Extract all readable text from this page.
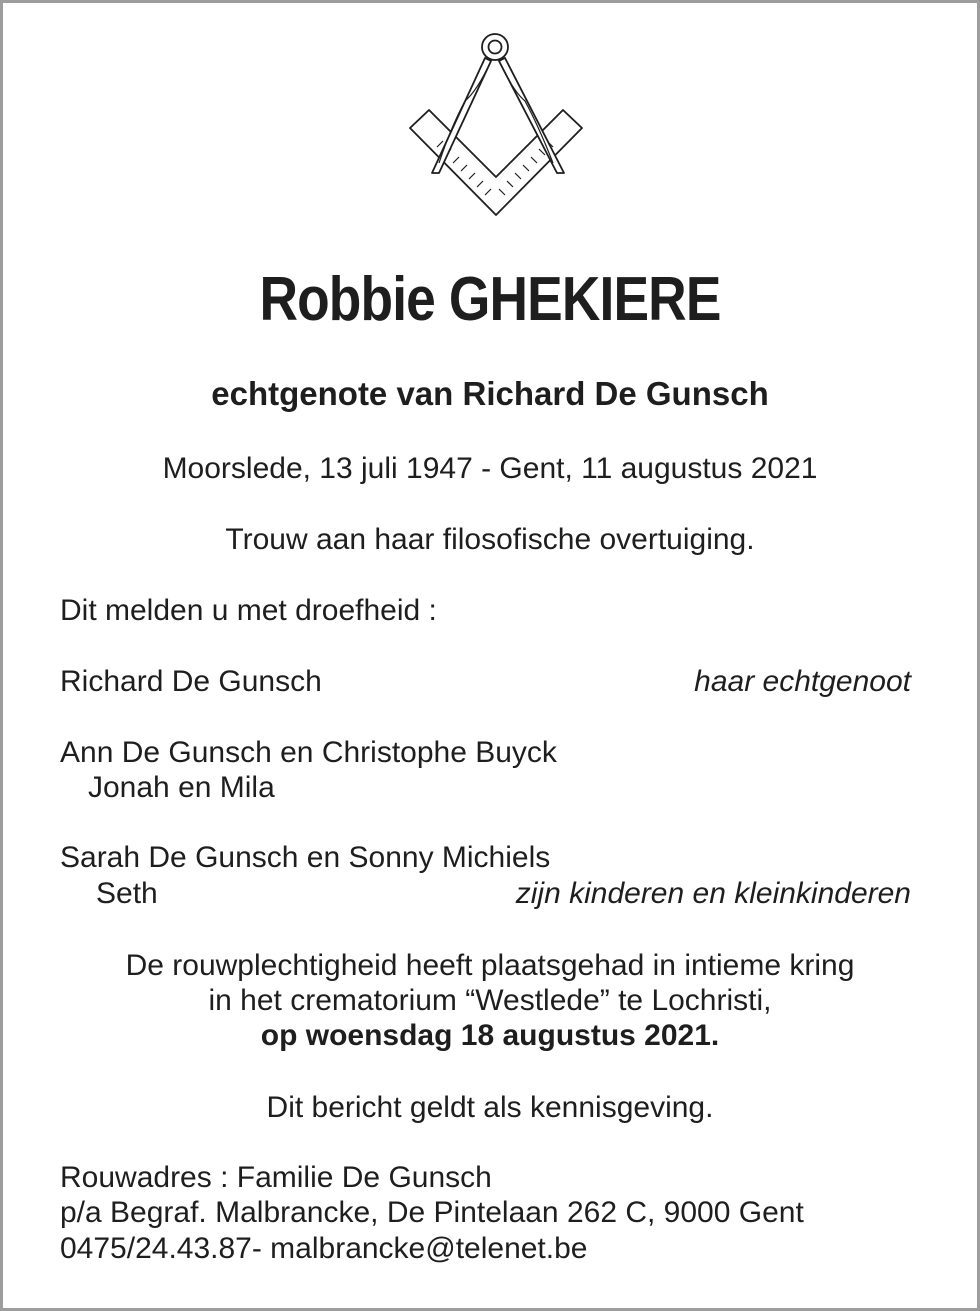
Robbie GHEKIERE
echtgenote van Richard De Gunsch
Moorslede, 13 juli 1947 - Gent, 11 augustus 2021
Trouw aan haar filosofische overtuiging.
Dit melden u met droefheid :
Richard De Gunsch	haar echtgenoot
Ann De Gunsch en Christophe Buyck
Jonah en Mila
Sarah De Gunsch en Sonny Michiels
Seth	zijn kinderen en kleinkinderen
De rouwplechtigheid heeft plaatsgehad in intieme kring
in het crematorium “Westlede” te Lochristi,
op woensdag 18 augustus 2021.
Dit bericht geldt als kennisgeving.
Rouwadres : Familie De Gunsch
p/a Begraf. Malbrancke, De Pintelaan 262 C, 9000 Gent
0475/24.43.87- malbrancke@telenet.be
